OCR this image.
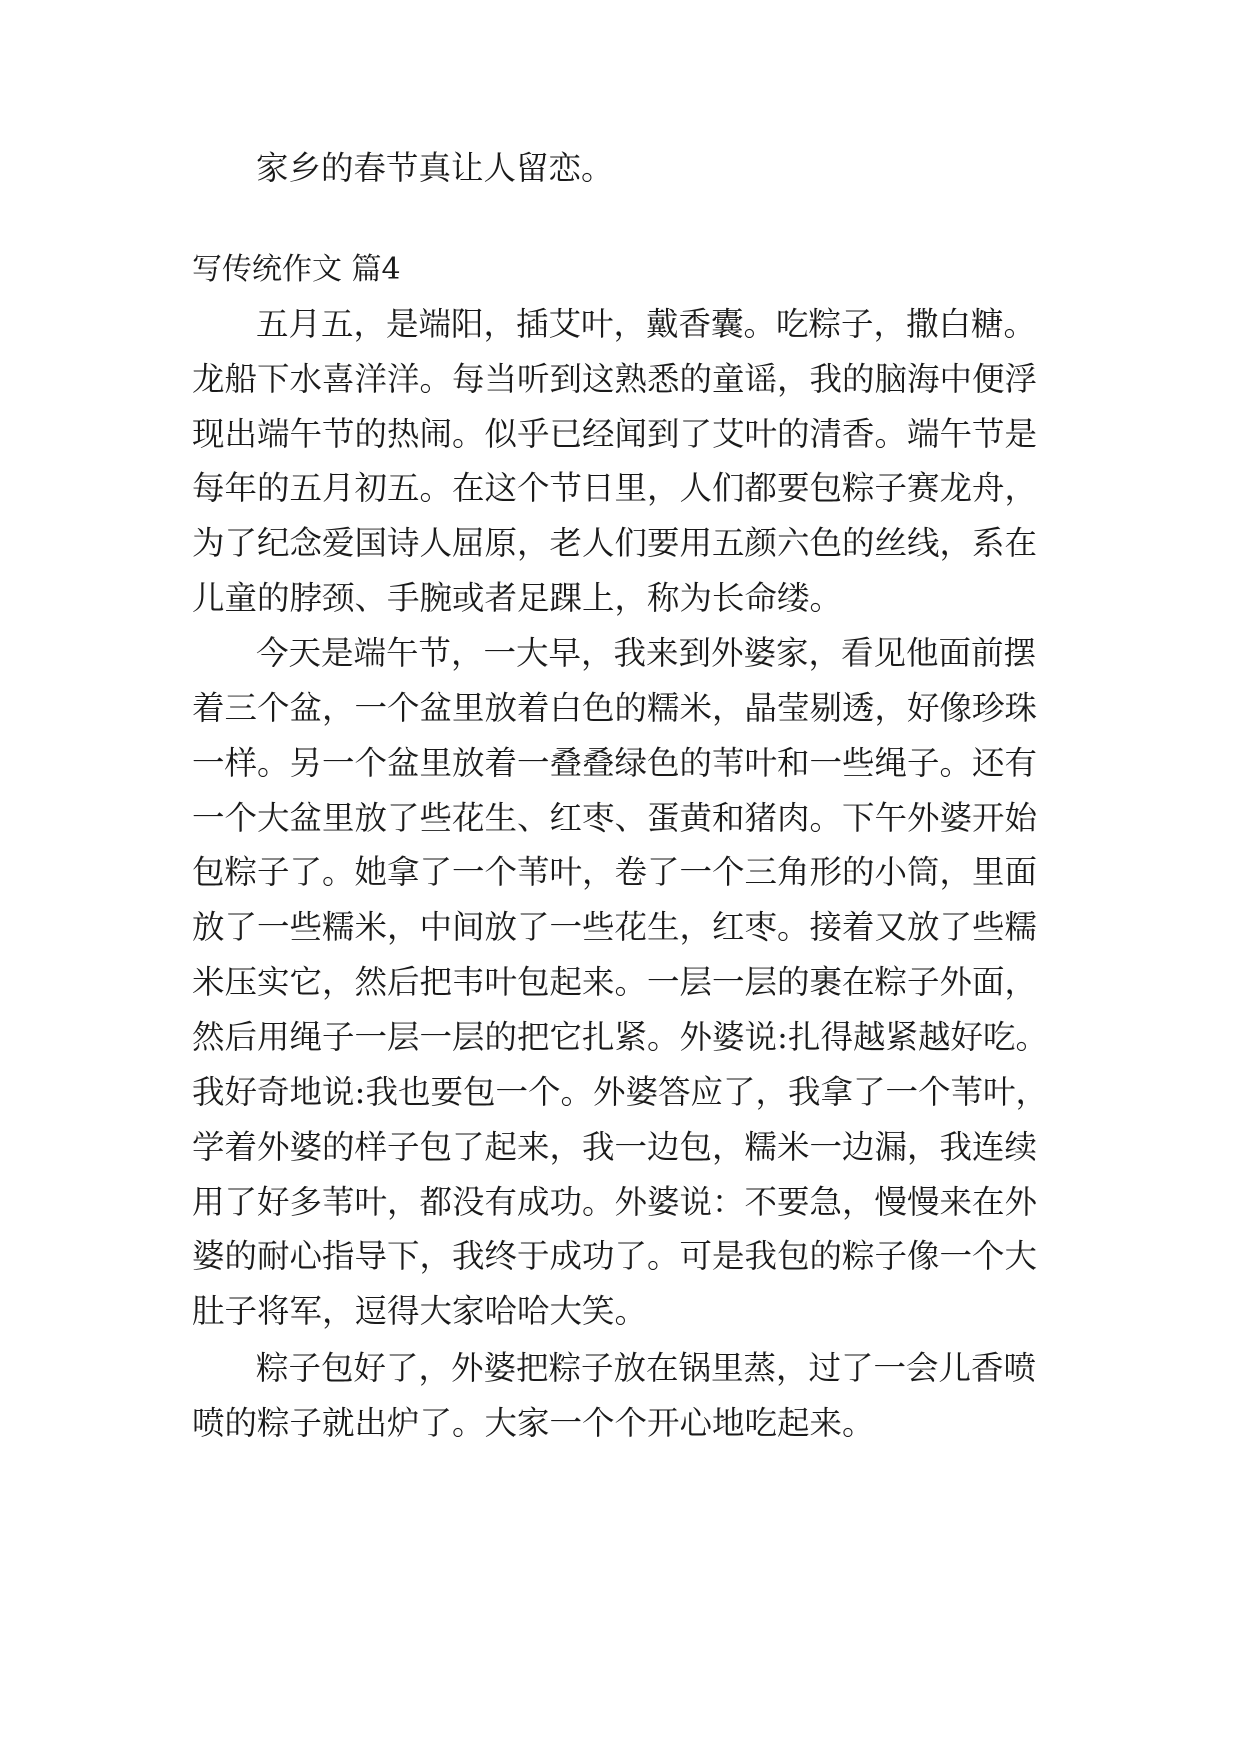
家乡的春节真让人留恋。
写传统作文 篇4
五月五，是端阳，插艾叶，戴香囊。吃粽子，撒白糖。
龙船下水喜洋洋。每当听到这熟悉的童谣，我的脑海中便浮
现出端午节的热闹。似乎已经闻到了艾叶的清香。端午节是
每年的五月初五。在这个节日里，人们都要包粽子赛龙舟，
为了纪念爱国诗人屈原，老人们要用五颜六色的丝线，系在
儿童的脖颈、手腕或者足踝上，称为长命缕。
今天是端午节，一大早，我来到外婆家，看见他面前摆
着三个盆，一个盆里放着白色的糯米，晶莹剔透，好像珍珠
一样。另一个盆里放着一叠叠绿色的苇叶和一些绳子。还有
一个大盆里放了些花生、红枣、蛋黄和猪肉。下午外婆开始
包粽子了。她拿了一个苇叶，卷了一个三角形的小筒，里面
放了一些糯米，中间放了一些花生，红枣。接着又放了些糯
米压实它，然后把韦叶包起来。一层一层的裹在粽子外面，
然后用绳子一层一层的把它扎紧。外婆说:扎得越紧越好吃。
我好奇地说:我也要包一个。外婆答应了，我拿了一个苇叶，
学着外婆的样子包了起来，我一边包，糯米一边漏，我连续
用了好多苇叶，都没有成功。外婆说：不要急，慢慢来在外
婆的耐心指导下，我终于成功了。可是我包的粽子像一个大
肚子将军，逗得大家哈哈大笑。
粽子包好了，外婆把粽子放在锅里蒸，过了一会儿香喷
喷的粽子就出炉了。大家一个个开心地吃起来。
